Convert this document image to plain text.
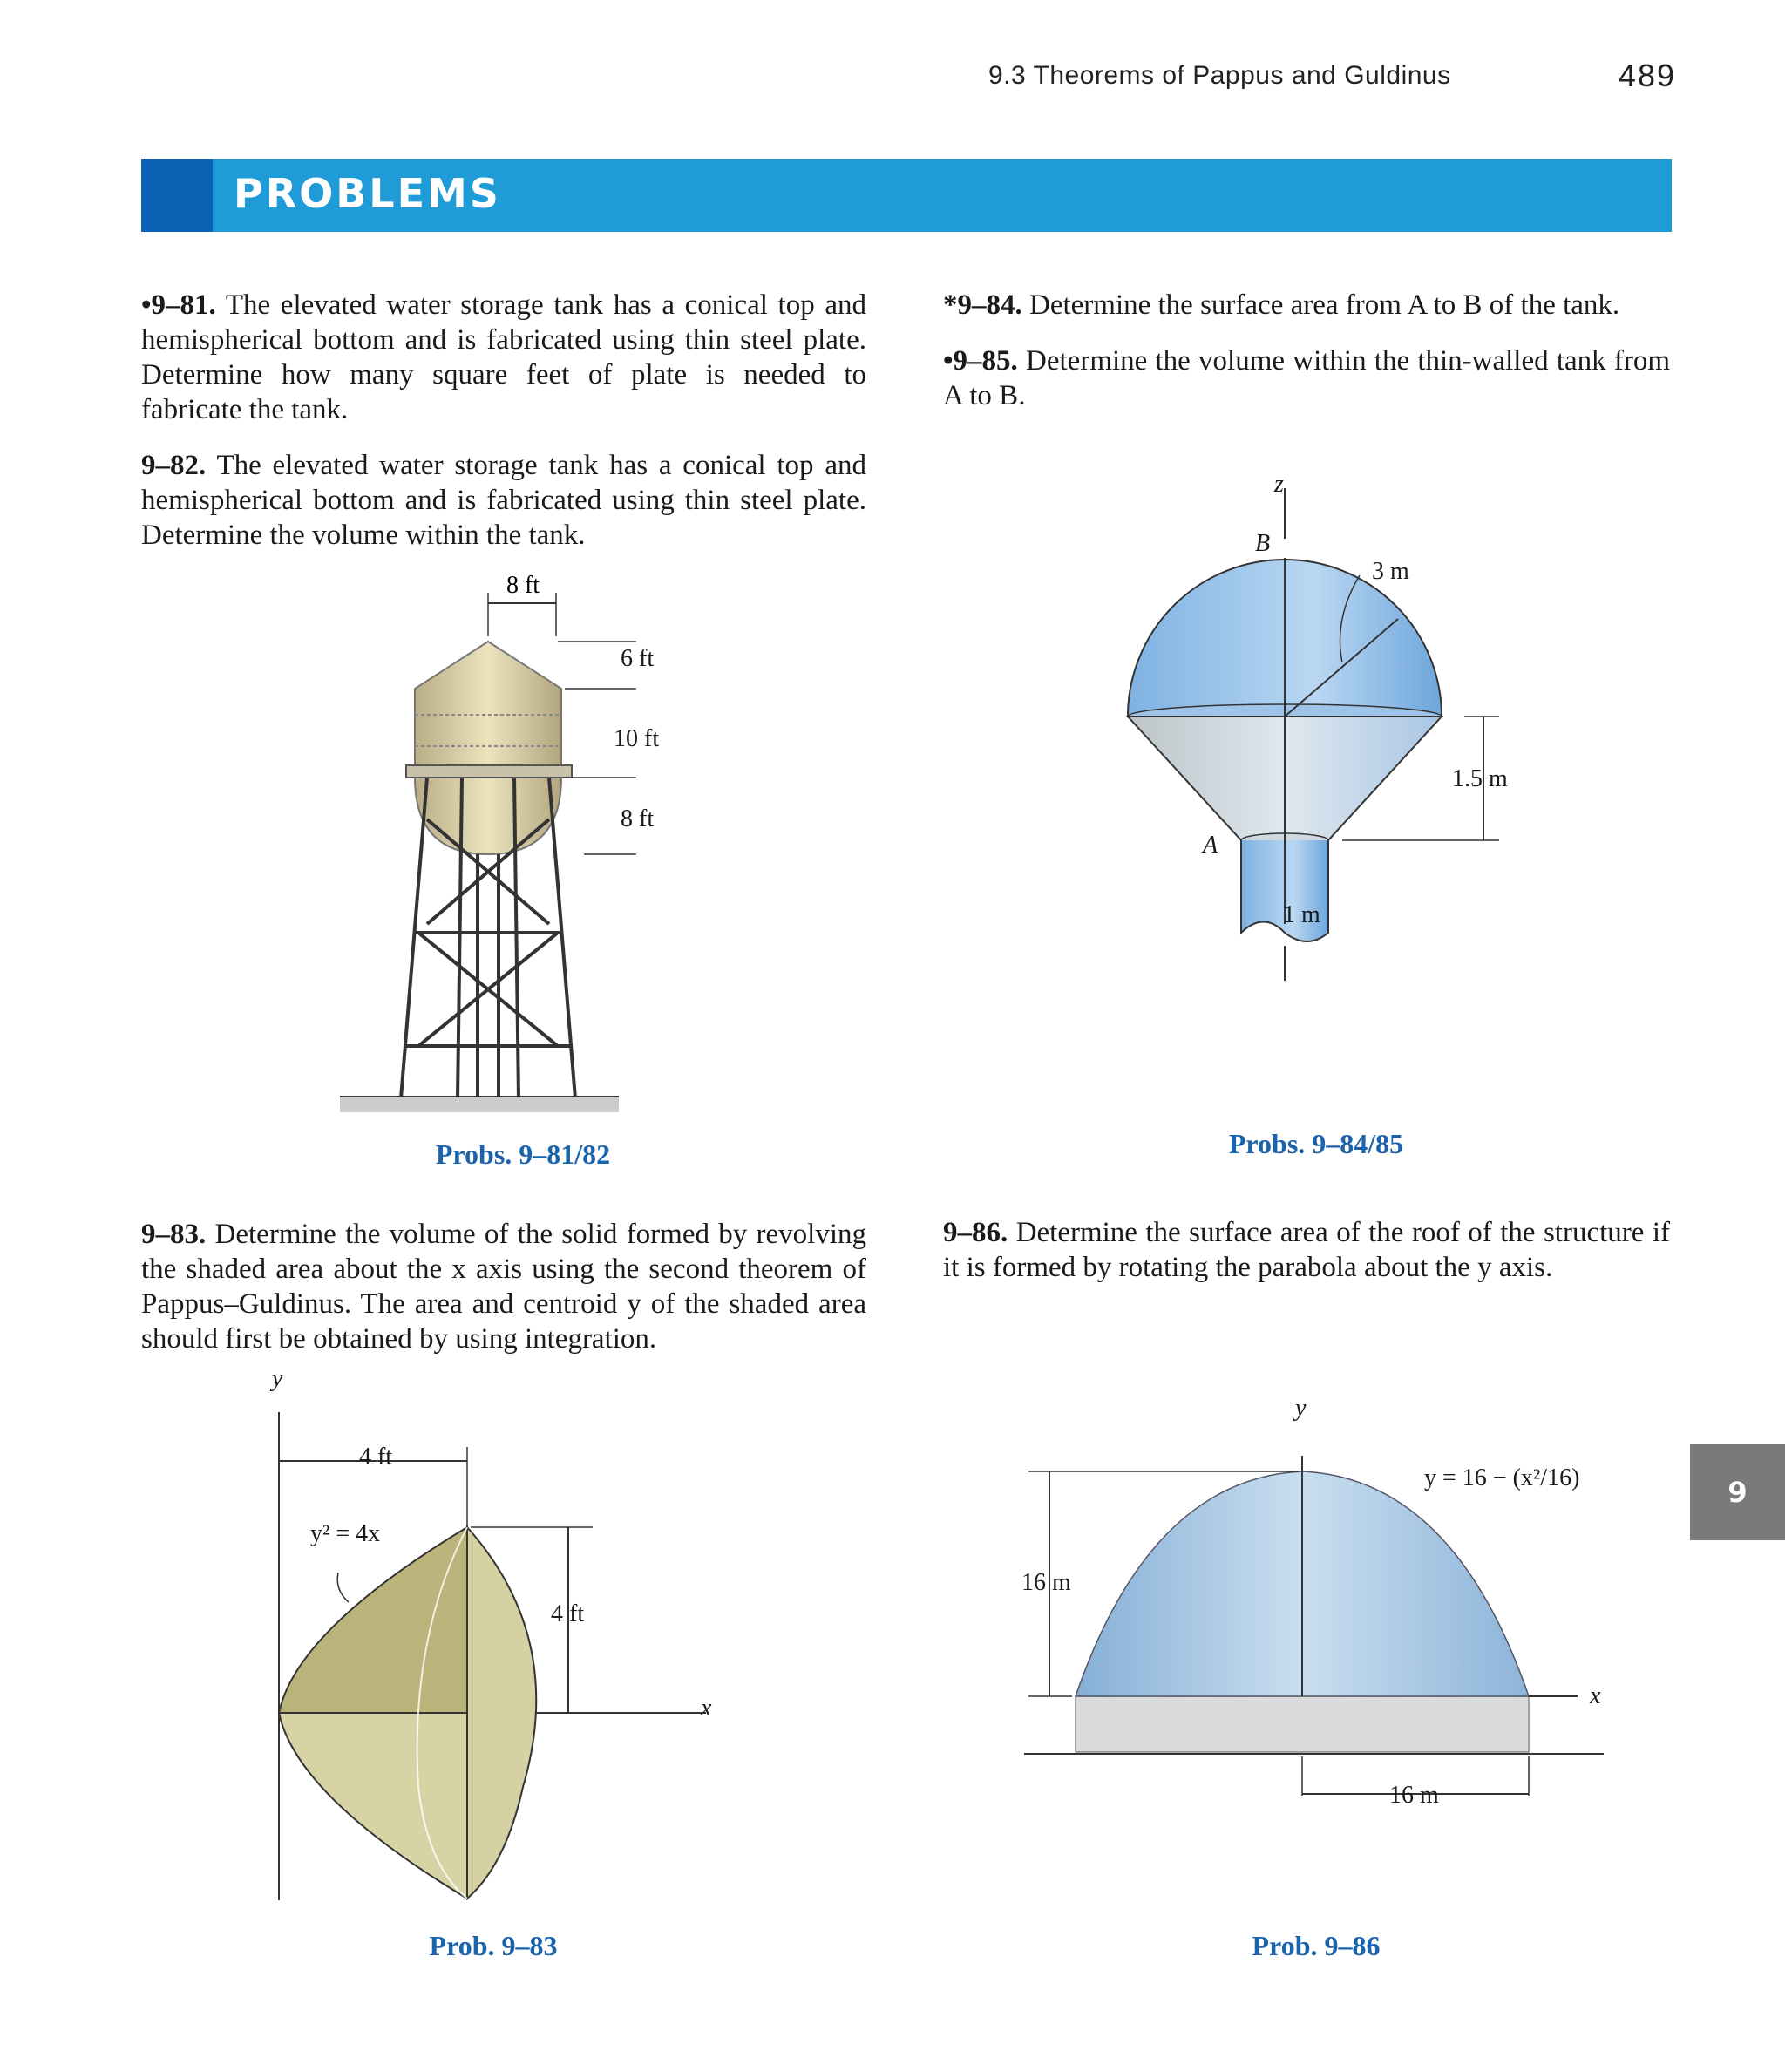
9.3 Theorems of Pappus and Guldinus	489
PROBLEMS
•9–81. The elevated water storage tank has a conical top and hemispherical bottom and is fabricated using thin steel plate. Determine how many square feet of plate is needed to fabricate the tank.
9–82. The elevated water storage tank has a conical top and hemispherical bottom and is fabricated using thin steel plate. Determine the volume within the tank.
*9–84. Determine the surface area from A to B of the tank.
•9–85. Determine the volume within the thin-walled tank from A to B.
9–83. Determine the volume of the solid formed by revolving the shaded area about the x axis using the second theorem of Pappus–Guldinus. The area and centroid y of the shaded area should first be obtained by using integration.
9–86. Determine the surface area of the roof of the structure if it is formed by rotating the parabola about the y axis.
8 ft
6 ft
10 ft
8 ft
Probs. 9–81/82
z
B
3 m
1.5 m
A
1 m
Probs. 9–84/85
y
4 ft
y² = 4x
4 ft
x
Prob. 9–83
y
y = 16 − (x²/16)
16 m
x
16 m
Prob. 9–86
9
